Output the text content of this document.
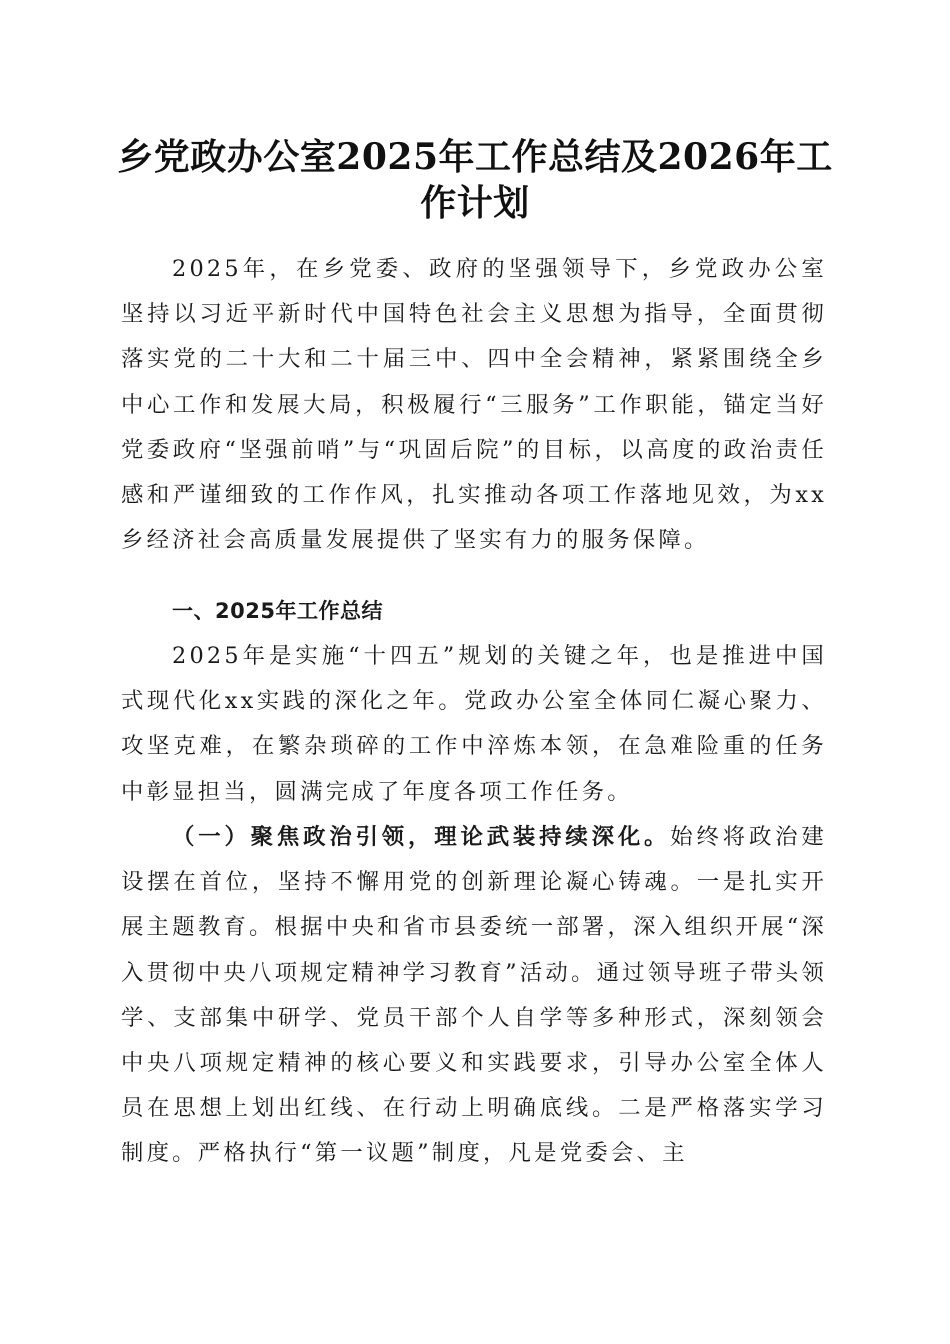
乡党政办公室2025年工作总结及2026年工作计划

2025年，在乡党委、政府的坚强领导下，乡党政办公室坚持以习近平新时代中国特色社会主义思想为指导，全面贯彻落实党的二十大和二十届三中、四中全会精神，紧紧围绕全乡中心工作和发展大局，积极履行“三服务”工作职能，锚定当好党委政府“坚强前哨”与“巩固后院”的目标，以高度的政治责任感和严谨细致的工作作风，扎实推动各项工作落地见效，为xx乡经济社会高质量发展提供了坚实有力的服务保障。

一、2025年工作总结

2025年是实施“十四五”规划的关键之年，也是推进中国式现代化xx实践的深化之年。党政办公室全体同仁凝心聚力、攻坚克难，在繁杂琐碎的工作中淬炼本领，在急难险重的任务中彰显担当，圆满完成了年度各项工作任务。

（一）聚焦政治引领，理论武装持续深化。始终将政治建设摆在首位，坚持不懈用党的创新理论凝心铸魂。一是扎实开展主题教育。根据中央和省市县委统一部署，深入组织开展“深入贯彻中央八项规定精神学习教育”活动。通过领导班子带头领学、支部集中研学、党员干部个人自学等多种形式，深刻领会中央八项规定精神的核心要义和实践要求，引导办公室全体人员在思想上划出红线、在行动上明确底线。二是严格落实学习制度。严格执行“第一议题”制度，凡是党委会、主
